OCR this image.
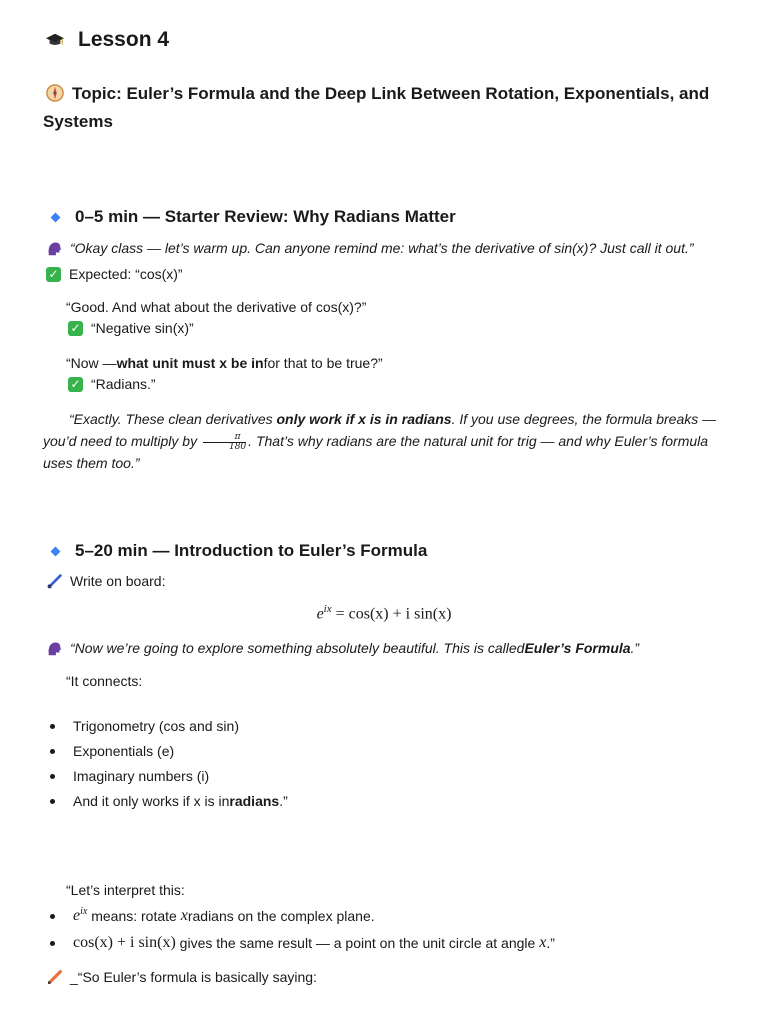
Lesson 4
Topic: Euler’s Formula and the Deep Link Between Rotation, Exponentials, and Systems
0–5 min — Starter Review: Why Radians Matter
“Okay class — let’s warm up. Can anyone remind me: what’s the derivative of sin(x)? Just call it out.”
✓ Expected: “cos(x)”
“Good. And what about the derivative of cos(x)?”
✓ “Negative sin(x)”
“Now — what unit must x be in for that to be true?”
✓ “Radians.”
“Exactly. These clean derivatives only work if x is in radians. If you use degrees, the formula breaks — you’d need to multiply by $\frac{\pi}{180}$ . That’s why radians are the natural unit for trig — and why Euler’s formula uses them too.”
5–20 min — Introduction to Euler’s Formula
Write on board:
$e^{ix} = \cos(x) + i$ sin(x)
“Now we’re going to explore something absolutely beautiful. This is called Euler’s Formula .”
“It connects:
Trigonometry (cos and sin)
Exponentials (e)
Imaginary numbers (i)
And it only works if x is in radians .”
“Let’s interpret this:
$e^{ix}$ means: rotate x radians on the complex plane.
cos(x) + i sin(x) gives the same result — a point on the unit circle at angle x .”
_“So Euler’s formula is basically saying:
